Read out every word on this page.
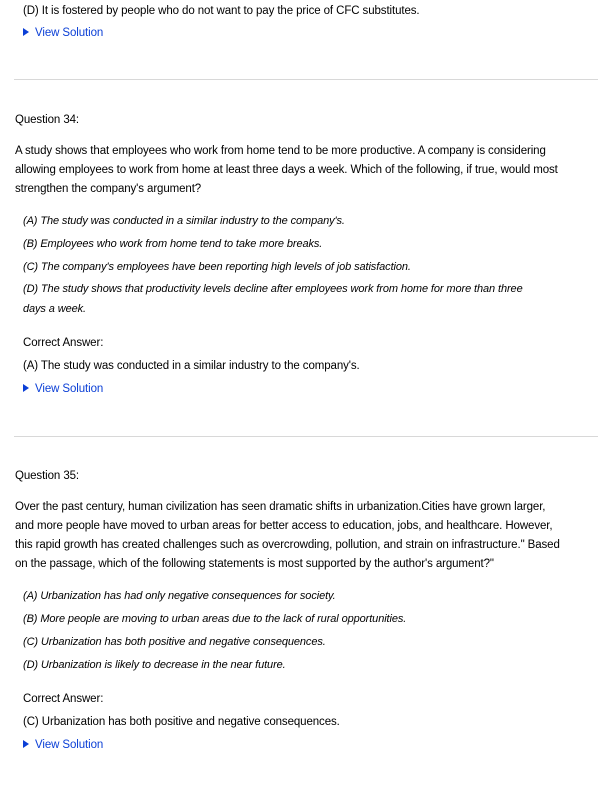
(D) It is fostered by people who do not want to pay the price of CFC substitutes.
View Solution
Question 34:
A study shows that employees who work from home tend to be more productive. A company is considering
allowing employees to work from home at least three days a week. Which of the following, if true, would most
strengthen the company's argument?
(A) The study was conducted in a similar industry to the company's.
(B) Employees who work from home tend to take more breaks.
(C) The company's employees have been reporting high levels of job satisfaction.
(D) The study shows that productivity levels decline after employees work from home for more than three
days a week.
Correct Answer:
(A) The study was conducted in a similar industry to the company's.
View Solution
Question 35:
Over the past century, human civilization has seen dramatic shifts in urbanization.Cities have grown larger,
and more people have moved to urban areas for better access to education, jobs, and healthcare. However,
this rapid growth has created challenges such as overcrowding, pollution, and strain on infrastructure." Based
on the passage, which of the following statements is most supported by the author's argument?"
(A) Urbanization has had only negative consequences for society.
(B) More people are moving to urban areas due to the lack of rural opportunities.
(C) Urbanization has both positive and negative consequences.
(D) Urbanization is likely to decrease in the near future.
Correct Answer:
(C) Urbanization has both positive and negative consequences.
View Solution
